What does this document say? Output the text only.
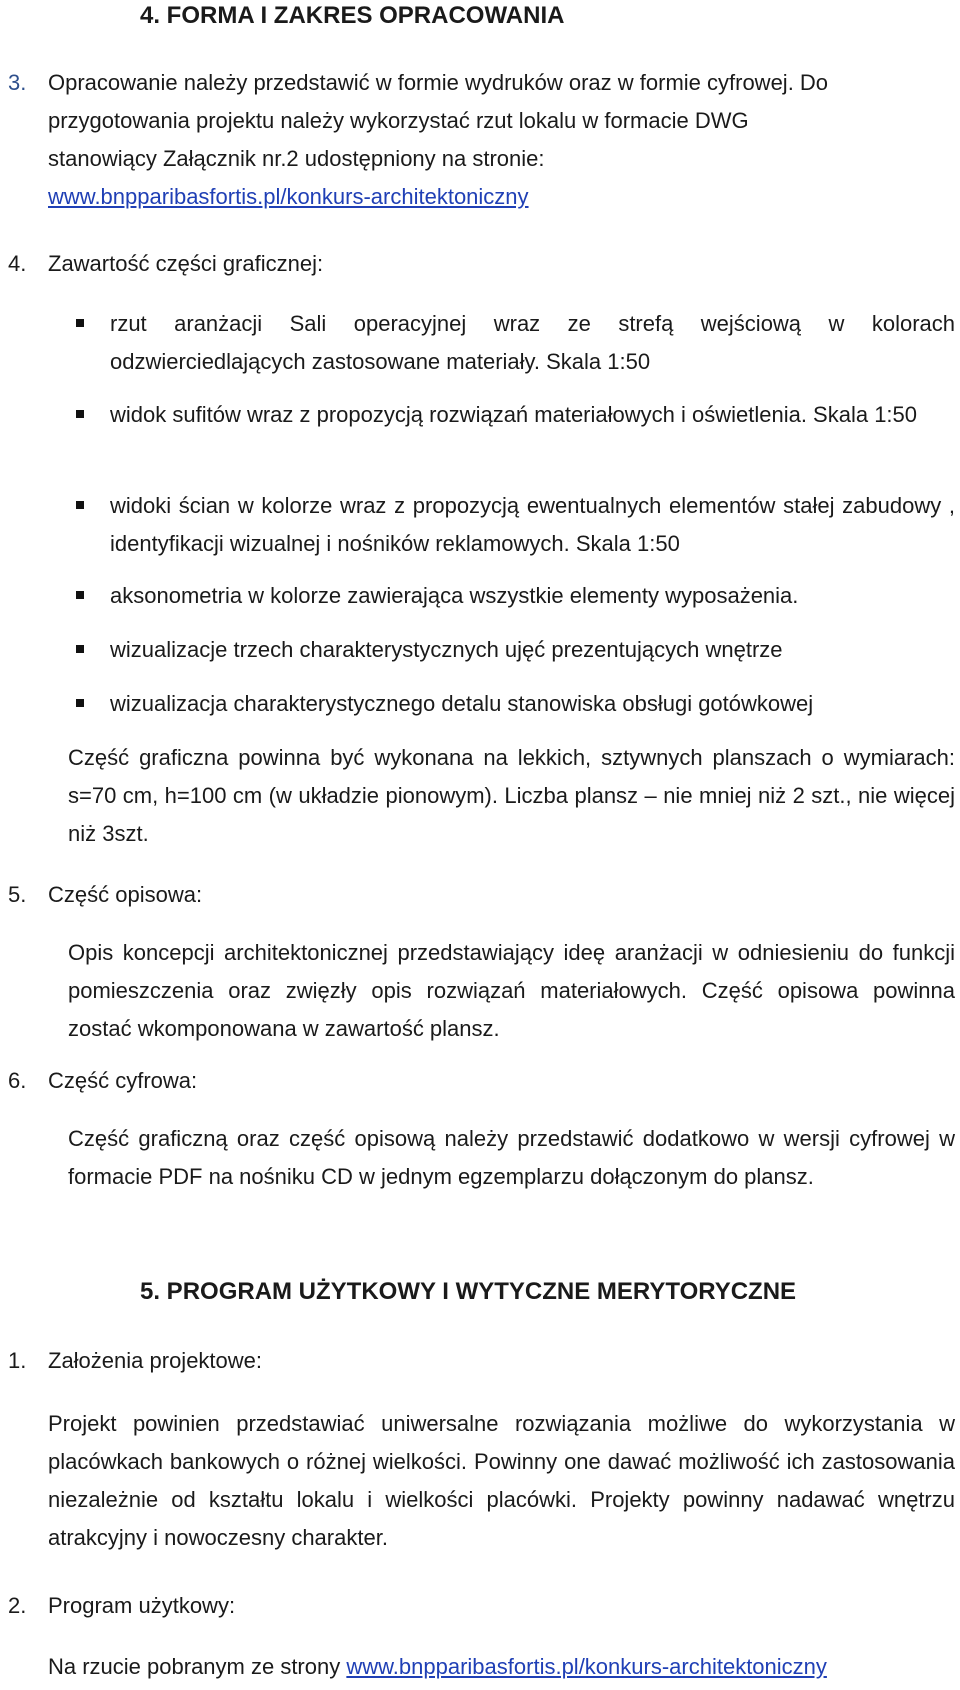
4. FORMA I ZAKRES OPRACOWANIA
3. Opracowanie należy przedstawić w formie wydruków oraz w formie cyfrowej. Do
przygotowania projektu należy wykorzystać rzut lokalu w formacie DWG
stanowiący Załącznik nr.2 udostępniony na stronie:
www.bnpparibasfortis.pl/konkurs-architektoniczny
4. Zawartość części graficznej:
rzut aranżacji Sali operacyjnej wraz ze strefą wejściową w kolorach odzwierciedlających zastosowane materiały. Skala 1:50
widok sufitów wraz z propozycją rozwiązań materiałowych i oświetlenia. Skala 1:50
widoki ścian w kolorze wraz z propozycją ewentualnych elementów stałej zabudowy , identyfikacji wizualnej i nośników reklamowych. Skala 1:50
aksonometria w kolorze zawierająca wszystkie elementy wyposażenia.
wizualizacje trzech charakterystycznych ujęć prezentujących wnętrze
wizualizacja charakterystycznego detalu stanowiska obsługi gotówkowej
Część graficzna powinna być wykonana na lekkich, sztywnych planszach o wymiarach: s=70 cm, h=100 cm (w układzie pionowym). Liczba plansz – nie mniej niż 2 szt., nie więcej niż 3szt.
5. Część opisowa:
Opis koncepcji architektonicznej przedstawiający ideę aranżacji w odniesieniu do funkcji pomieszczenia oraz zwięzły opis rozwiązań materiałowych. Część opisowa powinna zostać wkomponowana w zawartość plansz.
6. Część cyfrowa:
Część graficzną oraz część opisową należy przedstawić dodatkowo w wersji cyfrowej w formacie PDF na nośniku CD w jednym egzemplarzu dołączonym do plansz.
5. PROGRAM UŻYTKOWY I WYTYCZNE MERYTORYCZNE
1. Założenia projektowe:
Projekt powinien przedstawiać uniwersalne rozwiązania możliwe do wykorzystania w placówkach bankowych o różnej wielkości. Powinny one dawać możliwość ich zastosowania niezależnie od kształtu lokalu i wielkości placówki. Projekty powinny nadawać wnętrzu atrakcyjny i nowoczesny charakter.
2. Program użytkowy:
Na rzucie pobranym ze strony www.bnpparibasfortis.pl/konkurs-architektoniczny
